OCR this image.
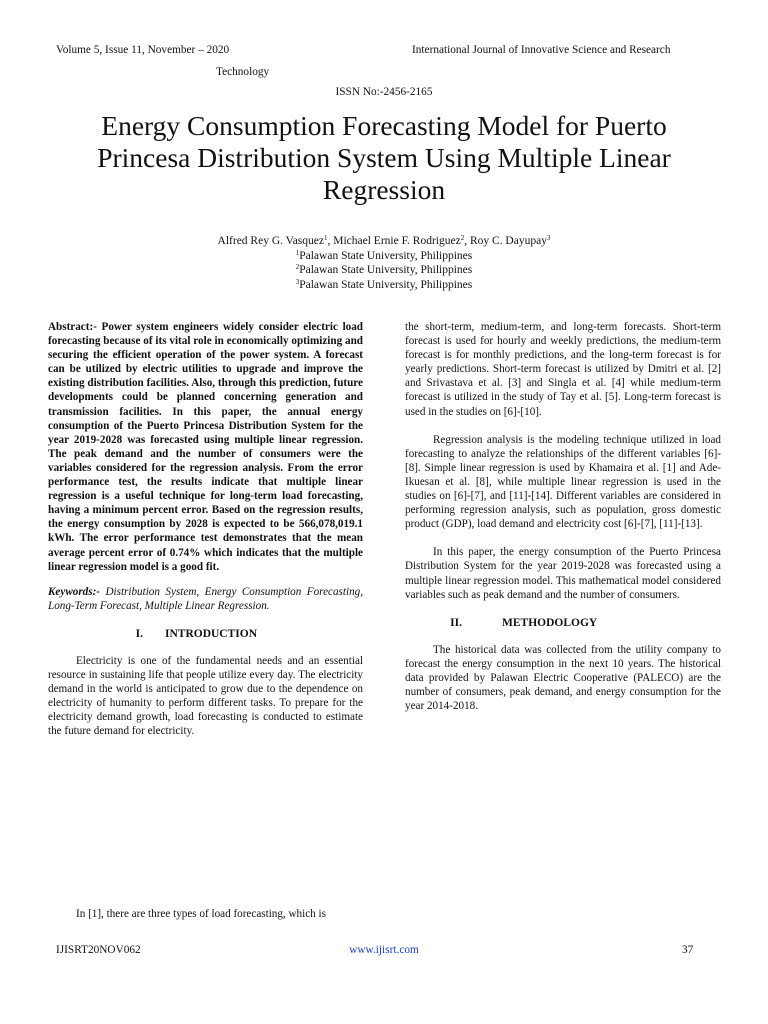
Volume 5, Issue 11, November – 2020	International Journal of Innovative Science and Research
Technology
ISSN No:-2456-2165
Energy Consumption Forecasting Model for Puerto Princesa Distribution System Using Multiple Linear Regression
Alfred Rey G. Vasquez$^1$, Michael Ernie F. Rodriguez$^2$, Roy C. Dayupay$^3$
$^1$Palawan State University, Philippines
$^2$Palawan State University, Philippines
$^3$Palawan State University, Philippines

Abstract:- Power system engineers widely consider electric load forecasting because of its vital role in economically optimizing and securing the efficient operation of the power system. A forecast can be utilized by electric utilities to upgrade and improve the existing distribution facilities. Also, through this prediction, future developments could be planned concerning generation and transmission facilities. In this paper, the annual energy consumption of the Puerto Princesa Distribution System for the year 2019-2028 was forecasted using multiple linear regression. The peak demand and the number of consumers were the variables considered for the regression analysis. From the error performance test, the results indicate that multiple linear regression is a useful technique for long-term load forecasting, having a minimum percent error. Based on the regression results, the energy consumption by 2028 is expected to be 566,078,019.1 kWh. The error performance test demonstrates that the mean average percent error of 0.74% which indicates that the multiple linear regression model is a good fit.

Keywords:- Distribution System, Energy Consumption Forecasting, Long-Term Forecast, Multiple Linear Regression.

I. INTRODUCTION

Electricity is one of the fundamental needs and an essential resource in sustaining life that people utilize every day. The electricity demand in the world is anticipated to grow due to the dependence on electricity of humanity to perform different tasks. To prepare for the electricity demand growth, load forecasting is conducted to estimate the future demand for electricity.

In [1], there are three types of load forecasting, which is

the short-term, medium-term, and long-term forecasts. Short-term forecast is used for hourly and weekly predictions, the medium-term forecast is for monthly predictions, and the long-term forecast is for yearly predictions. Short-term forecast is utilized by Dmitri et al. [2] and Srivastava et al. [3] and Singla et al. [4] while medium-term forecast is utilized in the study of Tay et al. [5]. Long-term forecast is used in the studies on [6]-[10].

Regression analysis is the modeling technique utilized in load forecasting to analyze the relationships of the different variables [6]-[8]. Simple linear regression is used by Khamaira et al. [1] and Ade-Ikuesan et al. [8], while multiple linear regression is used in the studies on [6]-[7], and [11]-[14]. Different variables are considered in performing regression analysis, such as population, gross domestic product (GDP), load demand and electricity cost [6]-[7], [11]-[13].

In this paper, the energy consumption of the Puerto Princesa Distribution System for the year 2019-2028 was forecasted using a multiple linear regression model. This mathematical model considered variables such as peak demand and the number of consumers.

II.	METHODOLOGY

The historical data was collected from the utility company to forecast the energy consumption in the next 10 years. The historical data provided by Palawan Electric Cooperative (PALECO) are the number of consumers, peak demand, and energy consumption for the year 2014-2018.

IJISRT20NOV062	www.ijisrt.com	37
